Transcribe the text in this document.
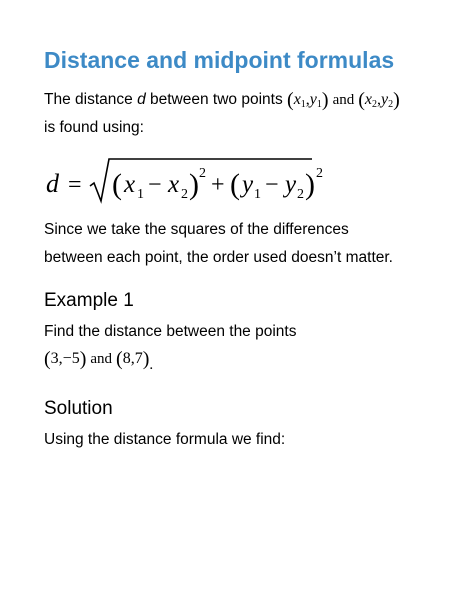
Distance and midpoint formulas

The distance d between two points $(x_1,y_1)$ and $(x_2,y_2)$

is found using:

d = ( x 1 − x 2 ) 2 + ( y 1 − y 2 ) 2

Since we take the squares of the differences

between each point, the order used doesn’t matter.

Example 1

Find the distance between the points

(3,−5) and (8,7).

Solution

Using the distance formula we find:
